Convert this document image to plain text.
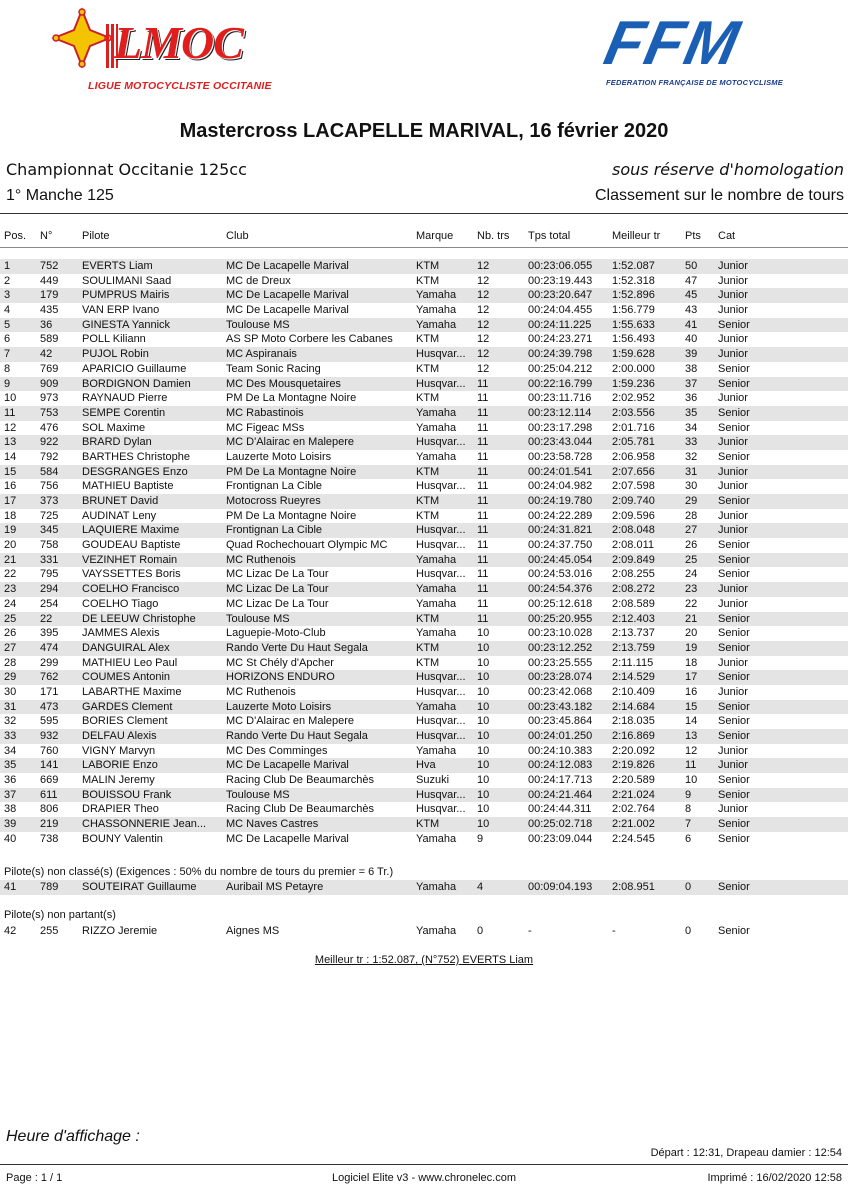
LMOC
LIGUE MOTOCYCLISTE OCCITANIE
FFM
FEDERATION FRANÇAISE DE MOTOCYCLISME
Mastercross LACAPELLE MARIVAL, 16 février 2020
Championnat Occitanie 125cc	sous réserve d'homologation
1° Manche 125	Classement sur le nombre de tours
Pos.	N°	Pilote	Club	Marque	Nb. trs	Tps total	Meilleur tr	Pts	Cat
1	752	EVERTS Liam	MC De Lacapelle Marival	KTM	12	00:23:06.055	1:52.087	50	Junior
2	449	SOULIMANI Saad	MC de Dreux	KTM	12	00:23:19.443	1:52.318	47	Junior
3	179	PUMPRUS Mairis	MC De Lacapelle Marival	Yamaha	12	00:23:20.647	1:52.896	45	Junior
4	435	VAN ERP Ivano	MC De Lacapelle Marival	Yamaha	12	00:24:04.455	1:56.779	43	Junior
5	36	GINESTA Yannick	Toulouse MS	Yamaha	12	00:24:11.225	1:55.633	41	Senior
6	589	POLL Kiliann	AS SP Moto Corbere les Cabanes	KTM	12	00:24:23.271	1:56.493	40	Junior
7	42	PUJOL Robin	MC Aspiranais	Husqvar...	12	00:24:39.798	1:59.628	39	Junior
8	769	APARICIO Guillaume	Team Sonic Racing	KTM	12	00:25:04.212	2:00.000	38	Senior
9	909	BORDIGNON Damien	MC Des Mousquetaires	Husqvar...	11	00:22:16.799	1:59.236	37	Senior
10	973	RAYNAUD Pierre	PM De La Montagne Noire	KTM	11	00:23:11.716	2:02.952	36	Junior
11	753	SEMPE Corentin	MC Rabastinois	Yamaha	11	00:23:12.114	2:03.556	35	Senior
12	476	SOL Maxime	MC Figeac MSs	Yamaha	11	00:23:17.298	2:01.716	34	Senior
13	922	BRARD Dylan	MC D'Alairac en Malepere	Husqvar...	11	00:23:43.044	2:05.781	33	Junior
14	792	BARTHES Christophe	Lauzerte Moto Loisirs	Yamaha	11	00:23:58.728	2:06.958	32	Senior
15	584	DESGRANGES Enzo	PM De La Montagne Noire	KTM	11	00:24:01.541	2:07.656	31	Junior
16	756	MATHIEU Baptiste	Frontignan La Cible	Husqvar...	11	00:24:04.982	2:07.598	30	Junior
17	373	BRUNET David	Motocross Rueyres	KTM	11	00:24:19.780	2:09.740	29	Senior
18	725	AUDINAT Leny	PM De La Montagne Noire	KTM	11	00:24:22.289	2:09.596	28	Junior
19	345	LAQUIERE Maxime	Frontignan La Cible	Husqvar...	11	00:24:31.821	2:08.048	27	Junior
20	758	GOUDEAU Baptiste	Quad Rochechouart Olympic MC	Husqvar...	11	00:24:37.750	2:08.011	26	Senior
21	331	VEZINHET Romain	MC Ruthenois	Yamaha	11	00:24:45.054	2:09.849	25	Senior
22	795	VAYSSETTES Boris	MC Lizac De La Tour	Husqvar...	11	00:24:53.016	2:08.255	24	Senior
23	294	COELHO Francisco	MC Lizac De La Tour	Yamaha	11	00:24:54.376	2:08.272	23	Junior
24	254	COELHO Tiago	MC Lizac De La Tour	Yamaha	11	00:25:12.618	2:08.589	22	Junior
25	22	DE LEEUW Christophe	Toulouse MS	KTM	11	00:25:20.955	2:12.403	21	Senior
26	395	JAMMES Alexis	Laguepie-Moto-Club	Yamaha	10	00:23:10.028	2:13.737	20	Senior
27	474	DANGUIRAL Alex	Rando Verte Du Haut Segala	KTM	10	00:23:12.252	2:13.759	19	Senior
28	299	MATHIEU Leo Paul	MC St Chély d'Apcher	KTM	10	00:23:25.555	2:11.115	18	Junior
29	762	COUMES Antonin	HORIZONS ENDURO	Husqvar...	10	00:23:28.074	2:14.529	17	Senior
30	171	LABARTHE Maxime	MC Ruthenois	Husqvar...	10	00:23:42.068	2:10.409	16	Junior
31	473	GARDES Clement	Lauzerte Moto Loisirs	Yamaha	10	00:23:43.182	2:14.684	15	Senior
32	595	BORIES Clement	MC D'Alairac en Malepere	Husqvar...	10	00:23:45.864	2:18.035	14	Senior
33	932	DELFAU Alexis	Rando Verte Du Haut Segala	Husqvar...	10	00:24:01.250	2:16.869	13	Senior
34	760	VIGNY Marvyn	MC Des Comminges	Yamaha	10	00:24:10.383	2:20.092	12	Junior
35	141	LABORIE Enzo	MC De Lacapelle Marival	Hva	10	00:24:12.083	2:19.826	11	Junior
36	669	MALIN Jeremy	Racing Club De Beaumarchès	Suzuki	10	00:24:17.713	2:20.589	10	Senior
37	611	BOUISSOU Frank	Toulouse MS	Husqvar...	10	00:24:21.464	2:21.024	9	Senior
38	806	DRAPIER Theo	Racing Club De Beaumarchès	Husqvar...	10	00:24:44.311	2:02.764	8	Junior
39	219	CHASSONNERIE Jean...	MC Naves Castres	KTM	10	00:25:02.718	2:21.002	7	Senior
40	738	BOUNY Valentin	MC De Lacapelle Marival	Yamaha	9	00:23:09.044	2:24.545	6	Senior
Pilote(s) non classé(s) (Exigences : 50% du nombre de tours du premier = 6 Tr.)
41	789	SOUTEIRAT Guillaume	Auribail MS Petayre	Yamaha	4	00:09:04.193	2:08.951	0	Senior
Pilote(s) non partant(s)
42	255	RIZZO Jeremie	Aignes MS	Yamaha	0	-	-	0	Senior
Meilleur tr : 1:52.087, (N°752) EVERTS Liam
Heure d'affichage :
Départ : 12:31, Drapeau damier : 12:54
Page : 1 / 1	Logiciel Elite v3 - www.chronelec.com	Imprimé : 16/02/2020 12:58
